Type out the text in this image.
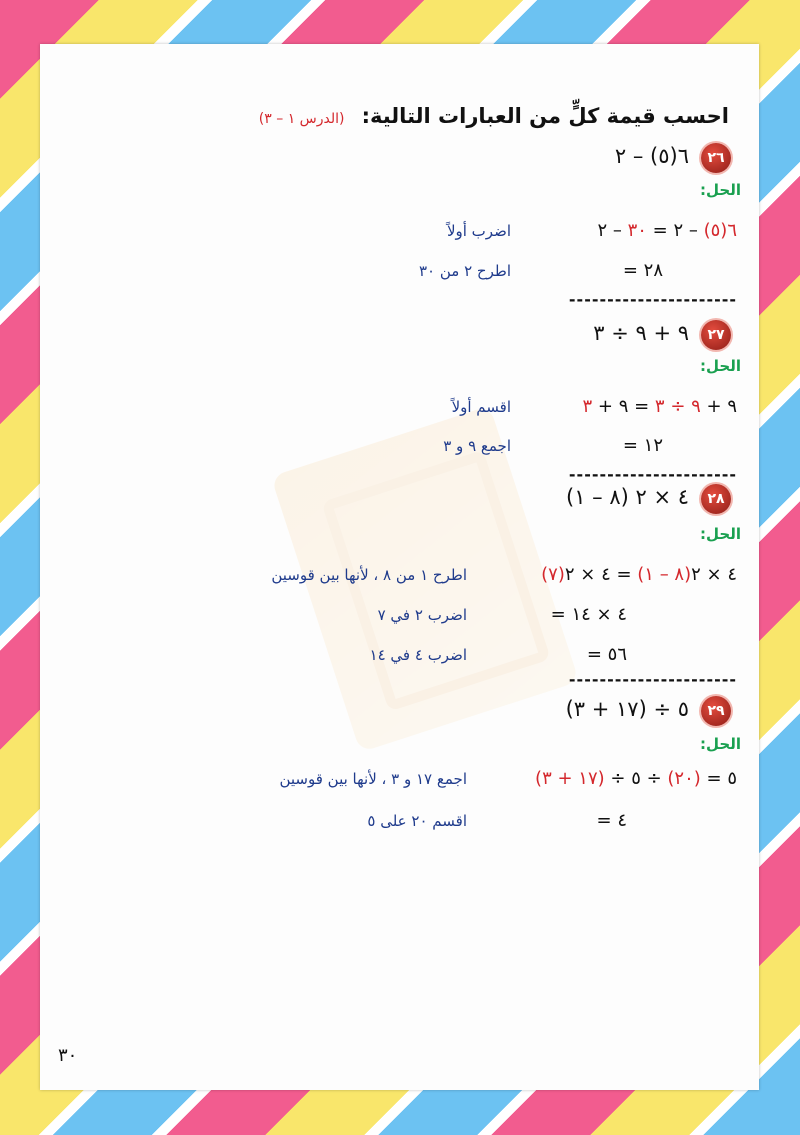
احسب قيمة كلٍّ من العبارات التالية: (الدرس ١ – ٣)
٢٦
٦(٥) – ٢
الحل:
٦(٥) – ٢ = ٣٠ – ٢
اضرب أولاً
= ٢٨
اطرح ٢ من ٣٠
----------------------
٢٧
٩ + ٩ ÷ ٣
الحل:
٩ + ٩ ÷ ٣ = ٩ + ٣
اقسم أولاً
= ١٢
اجمع ٩ و ٣
----------------------
٢٨
٤ × ٢ (٨ – ١)
الحل:
٤ × ٢(٨ – ١) = ٤ × ٢(٧)
اطرح ١ من ٨ ، لأنها بين قوسين
= ٤ × ١٤
اضرب ٢ في ٧
= ٥٦
اضرب ٤ في ١٤
----------------------
٢٩
(١٧ + ٣) ÷ ٥
الحل:
(١٧ + ٣) ÷ ٥ = (٢٠) ÷ ٥
اجمع ١٧ و ٣ ، لأنها بين قوسين
= ٤
اقسم ٢٠ على ٥
٣٠
